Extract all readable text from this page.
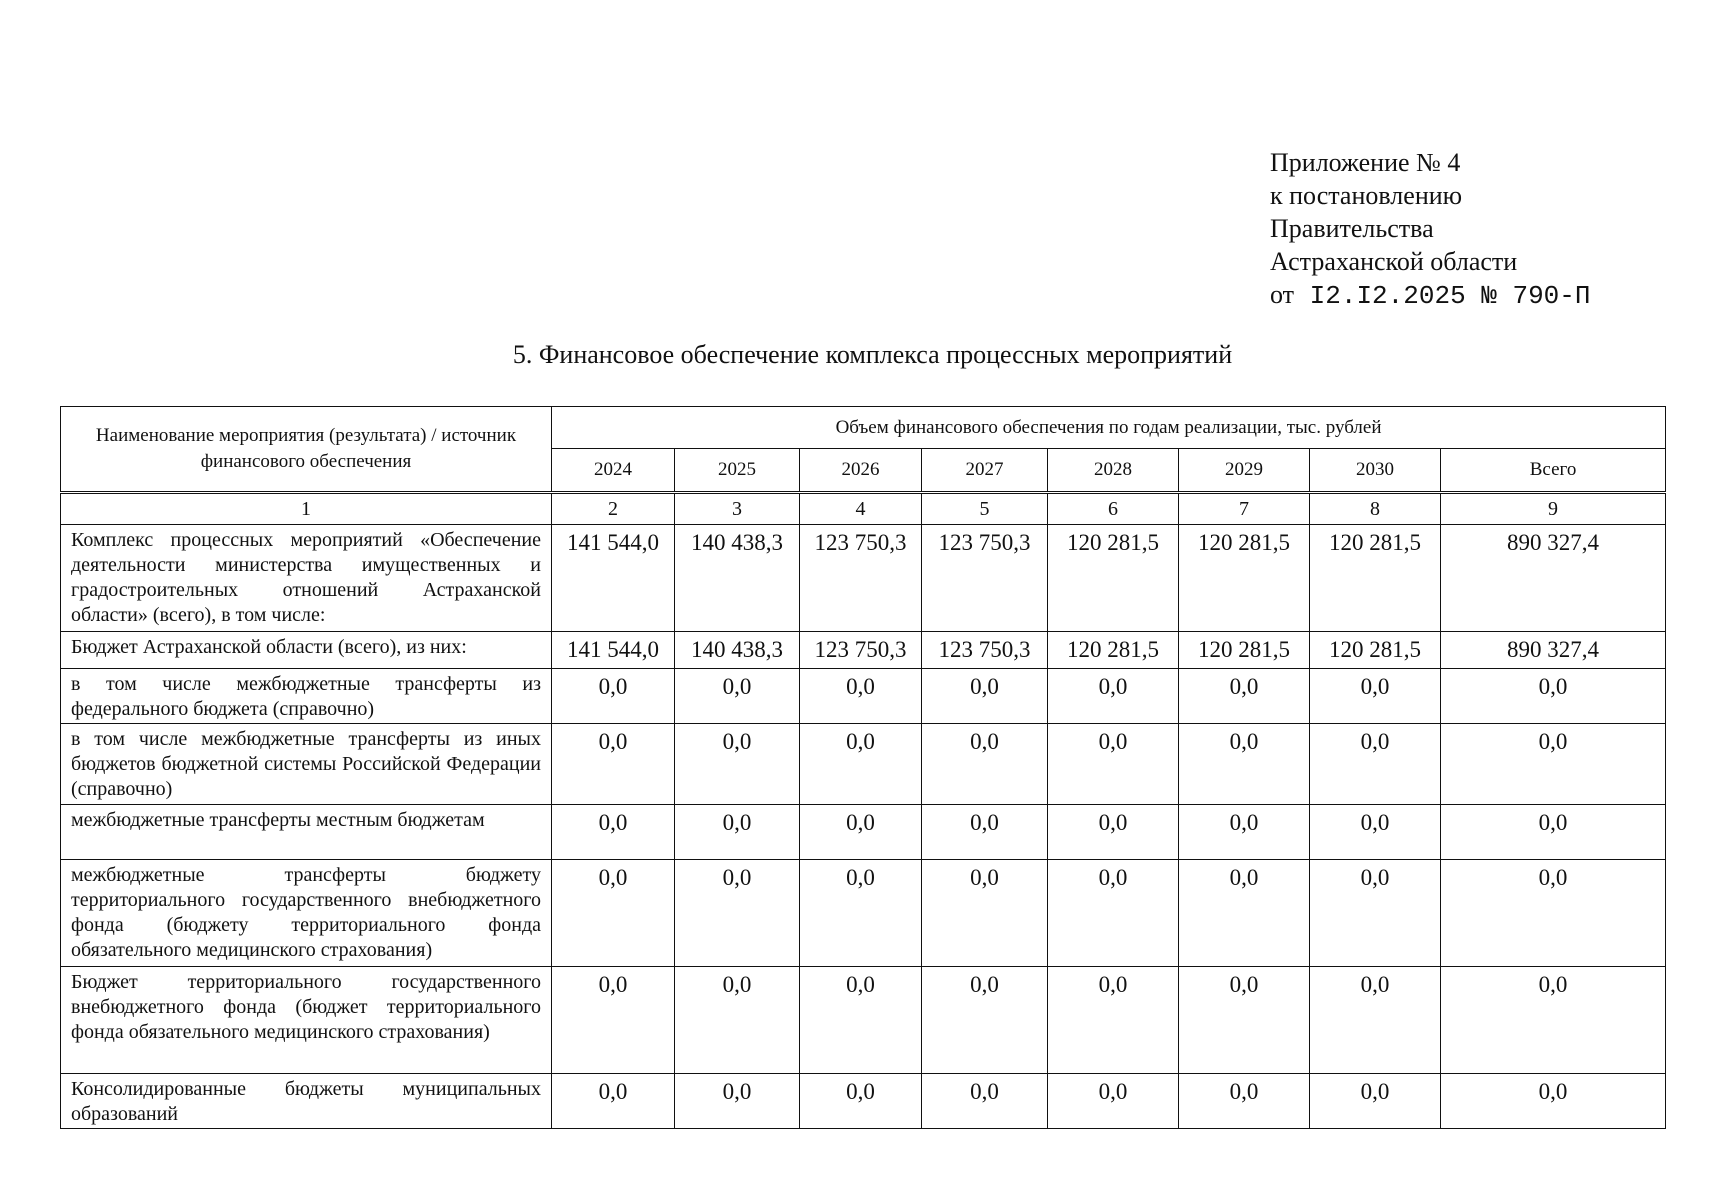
Приложение № 4
к постановлению
Правительства
Астраханской области
от I2.I2.2025 № 790-П
5. Финансовое обеспечение комплекса процессных мероприятий
Наименование мероприятия (результата) / источник финансового обеспечения	Объем финансового обеспечения по годам реализации, тыс. рублей							
	2024	2025	2026	2027	2028	2029	2030	Всего
1	2	3	4	5	6	7	8	9
Комплекс процессных мероприятий «Обеспечение деятельности министерства имущественных и градостроительных отношений Астраханской области» (всего), в том числе:	141 544,0	140 438,3	123 750,3	123 750,3	120 281,5	120 281,5	120 281,5	890 327,4
Бюджет Астраханской области (всего), из них:	141 544,0	140 438,3	123 750,3	123 750,3	120 281,5	120 281,5	120 281,5	890 327,4
в том числе межбюджетные трансферты из федерального бюджета (справочно)	0,0	0,0	0,0	0,0	0,0	0,0	0,0	0,0
в том числе межбюджетные трансферты из иных бюджетов бюджетной системы Российской Федерации (справочно)	0,0	0,0	0,0	0,0	0,0	0,0	0,0	0,0
межбюджетные трансферты местным бюджетам	0,0	0,0	0,0	0,0	0,0	0,0	0,0	0,0
межбюджетные трансферты бюджету территориального государственного внебюджетного фонда (бюджету территориального фонда обязательного медицинского страхования)	0,0	0,0	0,0	0,0	0,0	0,0	0,0	0,0
Бюджет территориального государственного внебюджетного фонда (бюджет территориального фонда обязательного медицинского страхования)	0,0	0,0	0,0	0,0	0,0	0,0	0,0	0,0
Консолидированные бюджеты муниципальных образований	0,0	0,0	0,0	0,0	0,0	0,0	0,0	0,0
